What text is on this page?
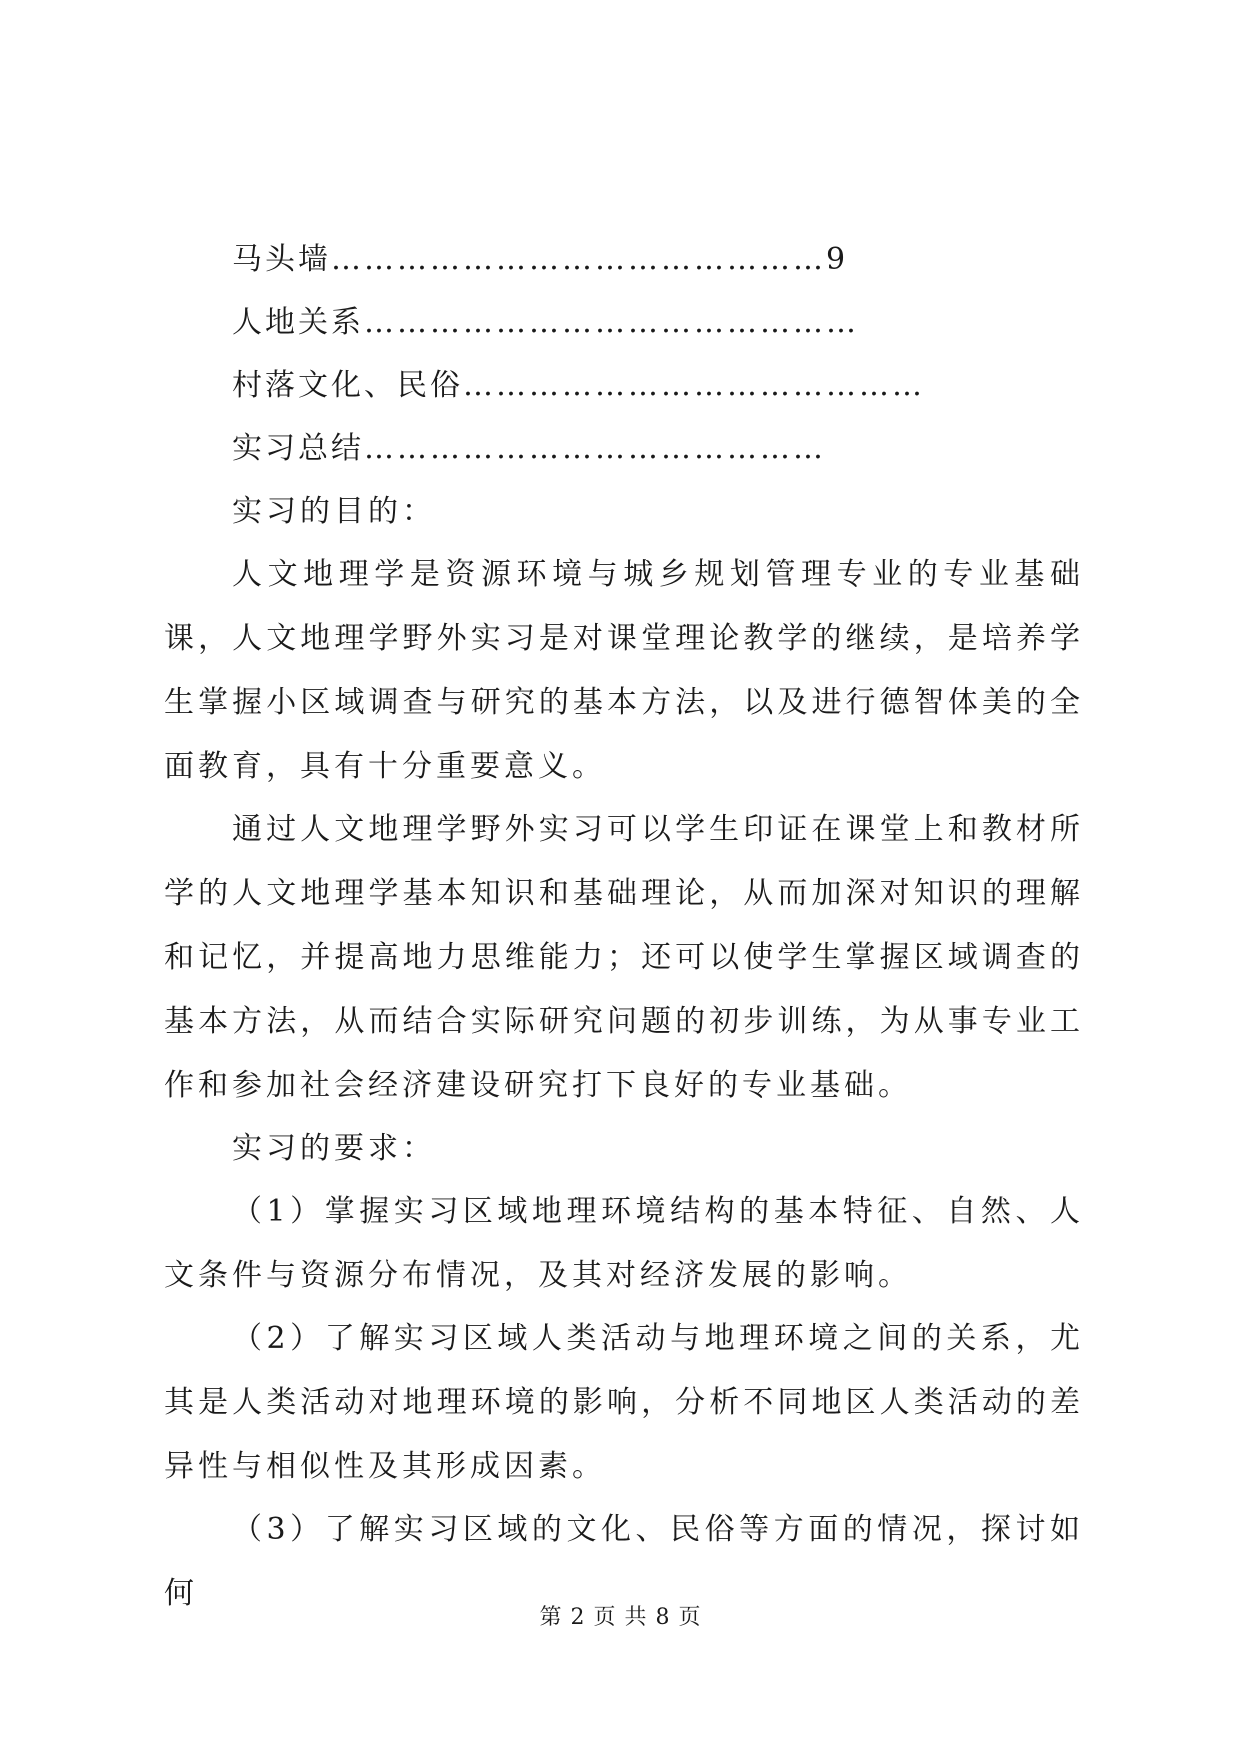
马头墙………………………………………9
人地关系………………………………………
村落文化、民俗……………………………………
实习总结……………………………………
实习的目的：

人文地理学是资源环境与城乡规划管理专业的专业基础课，人文地理学野外实习是对课堂理论教学的继续，是培养学生掌握小区域调查与研究的基本方法，以及进行德智体美的全面教育，具有十分重要意义。

通过人文地理学野外实习可以学生印证在课堂上和教材所学的人文地理学基本知识和基础理论，从而加深对知识的理解和记忆，并提高地力思维能力；还可以使学生掌握区域调查的基本方法，从而结合实际研究问题的初步训练，为从事专业工作和参加社会经济建设研究打下良好的专业基础。

实习的要求：

（1）掌握实习区域地理环境结构的基本特征、自然、人文条件与资源分布情况，及其对经济发展的影响。

（2）了解实习区域人类活动与地理环境之间的关系，尤其是人类活动对地理环境的影响，分析不同地区人类活动的差异性与相似性及其形成因素。

（3）了解实习区域的文化、民俗等方面的情况，探讨如何

第 2 页 共 8 页
